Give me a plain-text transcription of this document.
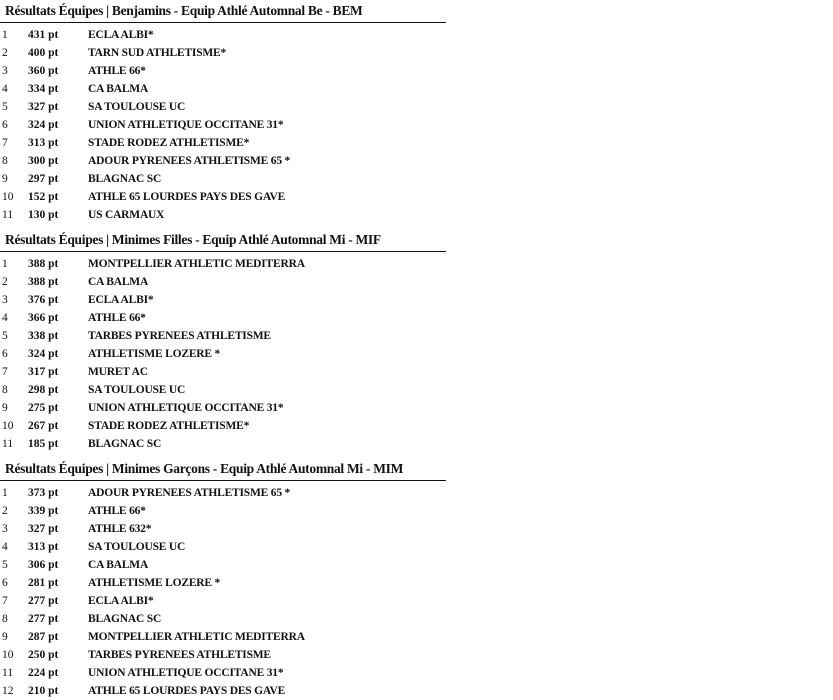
Résultats Équipes | Benjamins - Equip Athlé Automnal Be - BEM
1 431 pt	ECLA ALBI*
2 400 pt	TARN SUD ATHLETISME*
3 360 pt	ATHLE 66*
4 334 pt	CA BALMA
5 327 pt	SA TOULOUSE UC
6 324 pt	UNION ATHLETIQUE OCCITANE 31*
7 313 pt	STADE RODEZ ATHLETISME*
8 300 pt	ADOUR PYRENEES ATHLETISME 65 *
9 297 pt	BLAGNAC SC
10 152 pt	ATHLE 65 LOURDES PAYS DES GAVE
11 130 pt	US CARMAUX
Résultats Équipes | Minimes Filles - Equip Athlé Automnal Mi - MIF
1 388 pt	MONTPELLIER ATHLETIC MEDITERRA
2 388 pt	CA BALMA
3 376 pt	ECLA ALBI*
4 366 pt	ATHLE 66*
5 338 pt	TARBES PYRENEES ATHLETISME
6 324 pt	ATHLETISME LOZERE *
7 317 pt	MURET AC
8 298 pt	SA TOULOUSE UC
9 275 pt	UNION ATHLETIQUE OCCITANE 31*
10 267 pt	STADE RODEZ ATHLETISME*
11 185 pt	BLAGNAC SC
Résultats Équipes | Minimes Garçons - Equip Athlé Automnal Mi - MIM
1 373 pt	ADOUR PYRENEES ATHLETISME 65 *
2 339 pt	ATHLE 66*
3 327 pt	ATHLE 632*
4 313 pt	SA TOULOUSE UC
5 306 pt	CA BALMA
6 281 pt	ATHLETISME LOZERE *
7 277 pt	ECLA ALBI*
8 277 pt	BLAGNAC SC
9 287 pt	MONTPELLIER ATHLETIC MEDITERRA
10 250 pt	TARBES PYRENEES ATHLETISME
11 224 pt	UNION ATHLETIQUE OCCITANE 31*
12 210 pt	ATHLE 65 LOURDES PAYS DES GAVE
